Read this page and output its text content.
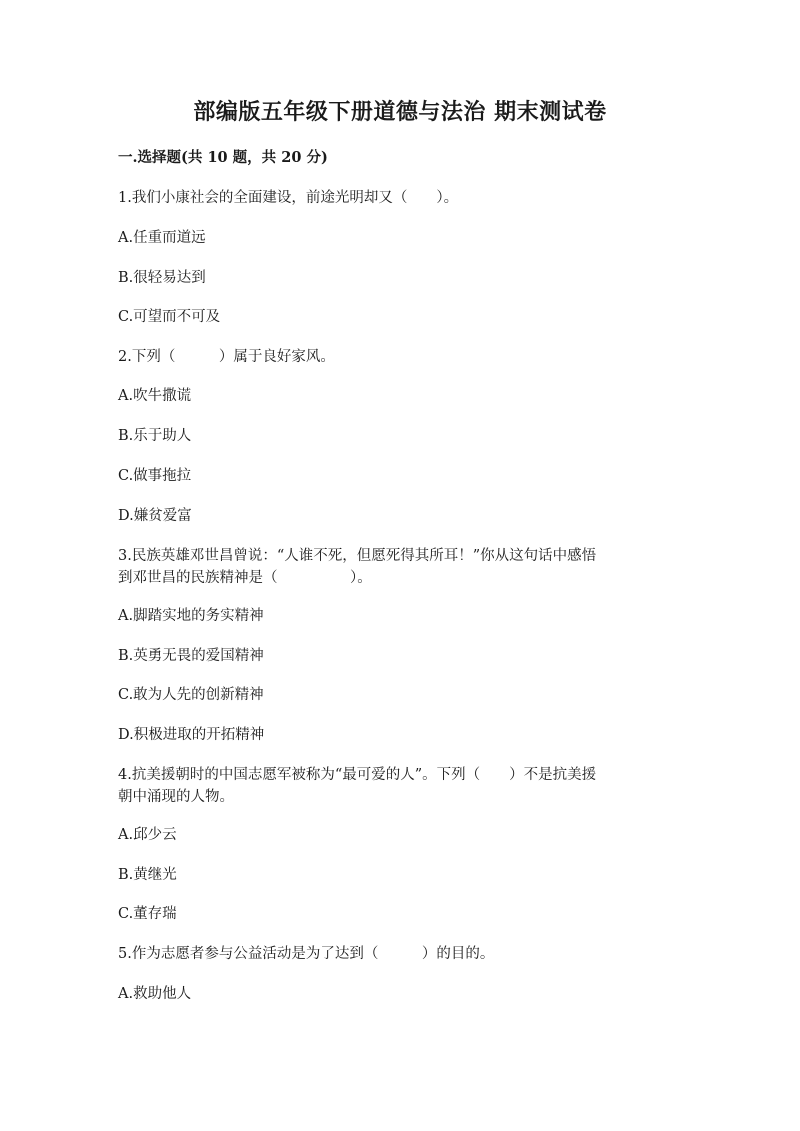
部编版五年级下册道德与法治 期末测试卷
一.选择题(共 10 题，共 20 分)
1.我们小康社会的全面建设，前途光明却又（　　）。
A.任重而道远
B.很轻易达到
C.可望而不可及
2.下列（　　　）属于良好家风。
A.吹牛撒谎
B.乐于助人
C.做事拖拉
D.嫌贫爱富
3.民族英雄邓世昌曾说：“人谁不死，但愿死得其所耳！”你从这句话中感悟
到邓世昌的民族精神是（　　　　　）。
A.脚踏实地的务实精神
B.英勇无畏的爱国精神
C.敢为人先的创新精神
D.积极进取的开拓精神
4.抗美援朝时的中国志愿军被称为“最可爱的人”。下列（　　）不是抗美援
朝中涌现的人物。
A.邱少云
B.黄继光
C.董存瑞
5.作为志愿者参与公益活动是为了达到（　　　）的目的。
A.救助他人
